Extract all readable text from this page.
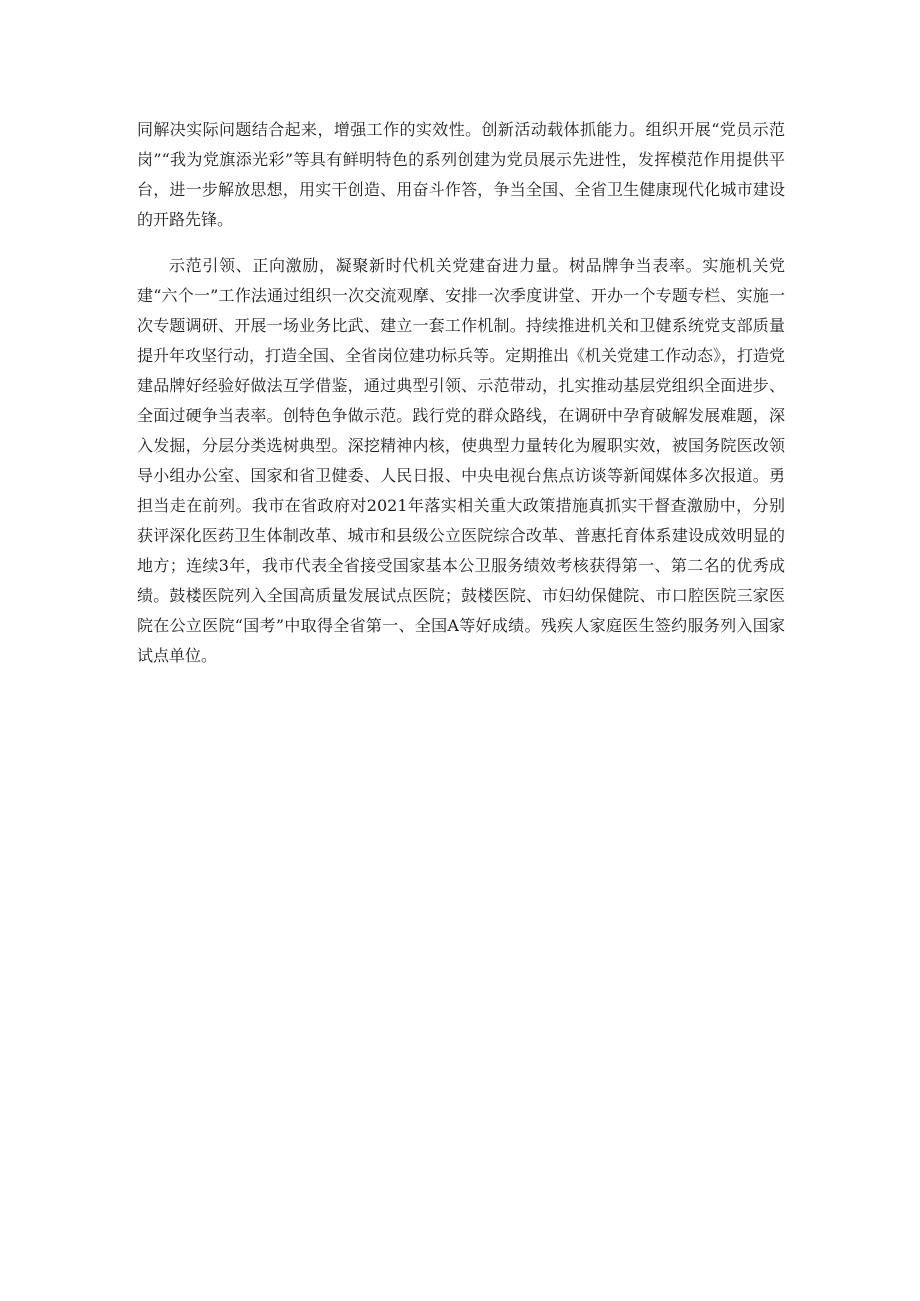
同解决实际问题结合起来，增强工作的实效性。创新活动载体抓能力。组织开展“党员示范岗”“我为党旗添光彩”等具有鲜明特色的系列创建为党员展示先进性，发挥模范作用提供平台，进一步解放思想，用实干创造、用奋斗作答，争当全国、全省卫生健康现代化城市建设的开路先锋。

示范引领、正向激励，凝聚新时代机关党建奋进力量。树品牌争当表率。实施机关党建“六个一”工作法通过组织一次交流观摩、安排一次季度讲堂、开办一个专题专栏、实施一次专题调研、开展一场业务比武、建立一套工作机制。持续推进机关和卫健系统党支部质量提升年攻坚行动，打造全国、全省岗位建功标兵等。定期推出《机关党建工作动态》，打造党建品牌好经验好做法互学借鉴，通过典型引领、示范带动，扎实推动基层党组织全面进步、全面过硬争当表率。创特色争做示范。践行党的群众路线，在调研中孕育破解发展难题，深入发掘，分层分类选树典型。深挖精神内核，使典型力量转化为履职实效，被国务院医改领导小组办公室、国家和省卫健委、人民日报、中央电视台焦点访谈等新闻媒体多次报道。勇担当走在前列。我市在省政府对2021年落实相关重大政策措施真抓实干督查激励中，分别获评深化医药卫生体制改革、城市和县级公立医院综合改革、普惠托育体系建设成效明显的地方；连续3年，我市代表全省接受国家基本公卫服务绩效考核获得第一、第二名的优秀成绩。鼓楼医院列入全国高质量发展试点医院；鼓楼医院、市妇幼保健院、市口腔医院三家医院在公立医院“国考”中取得全省第一、全国A等好成绩。残疾人家庭医生签约服务列入国家试点单位。
